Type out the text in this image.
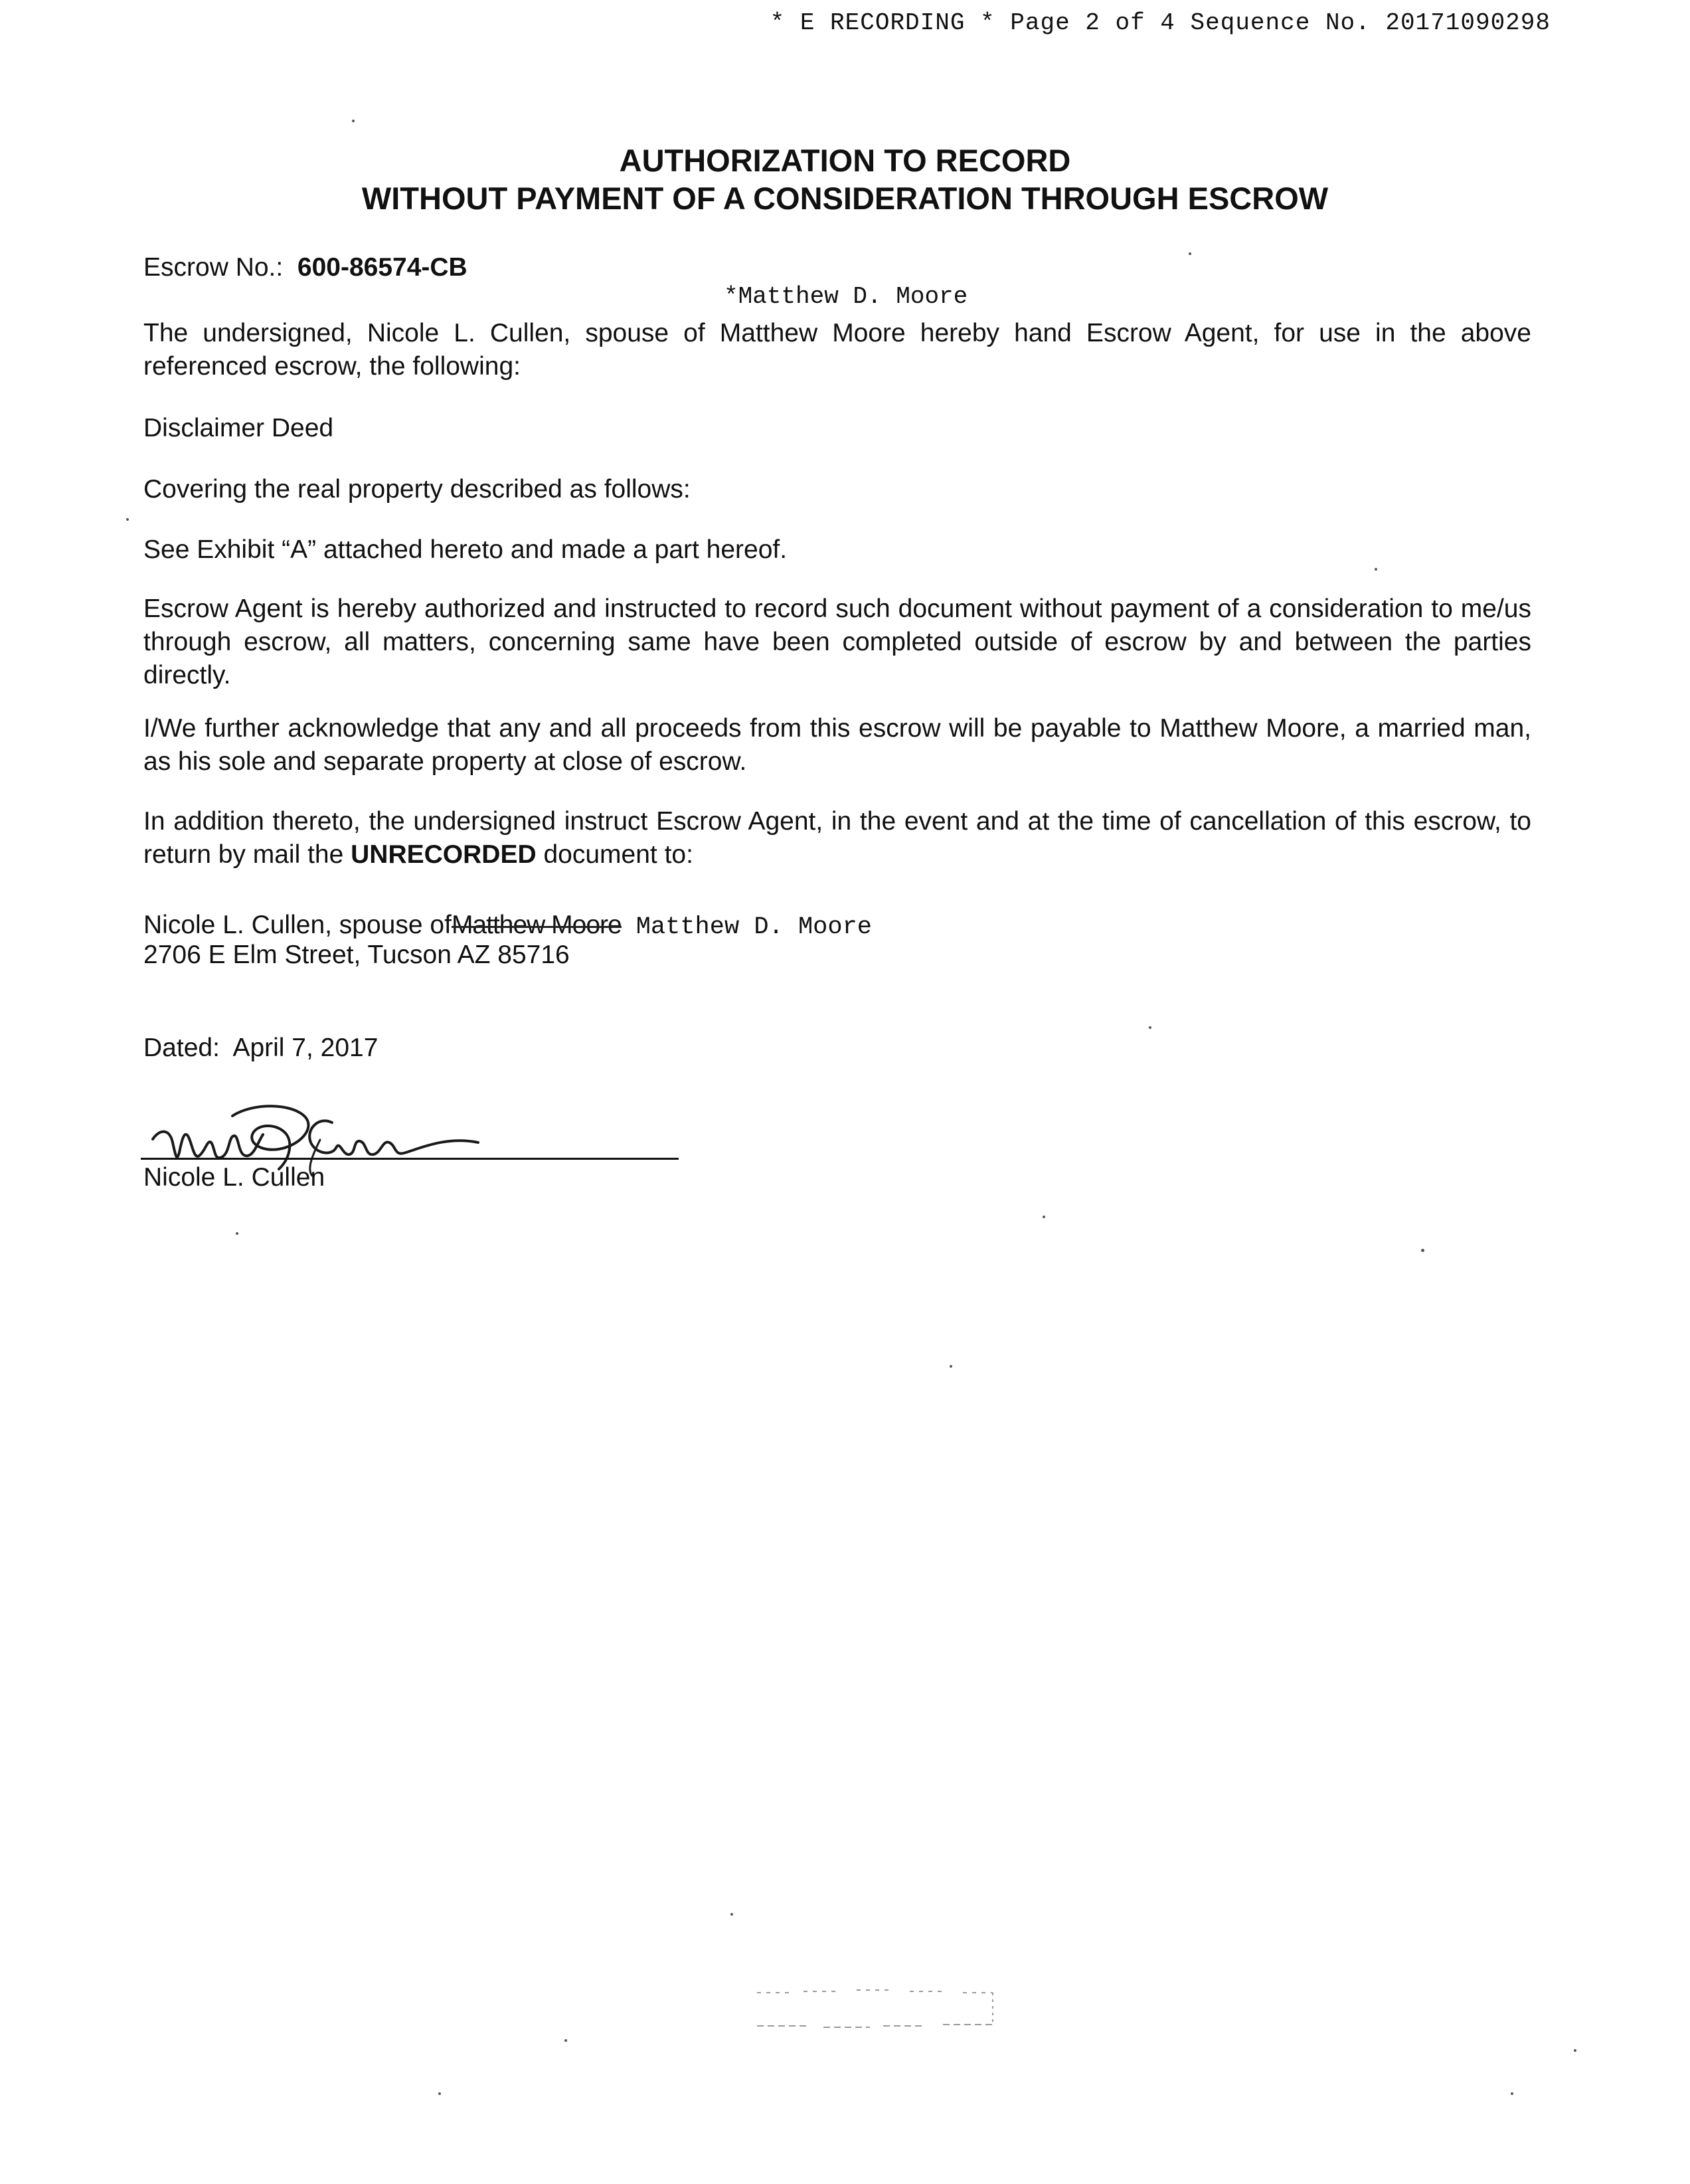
* E RECORDING * Page 2 of 4 Sequence No. 20171090298
AUTHORIZATION TO RECORD
WITHOUT PAYMENT OF A CONSIDERATION THROUGH ESCROW
Escrow No.: 600-86574-CB
*Matthew D. Moore
The undersigned, Nicole L. Cullen, spouse of Matthew Moore hereby hand Escrow Agent, for use in the above referenced escrow, the following:
Disclaimer Deed
Covering the real property described as follows:
See Exhibit “A” attached hereto and made a part hereof.
Escrow Agent is hereby authorized and instructed to record such document without payment of a consideration to me/us through escrow, all matters, concerning same have been completed outside of escrow by and between the parties directly.
I/We further acknowledge that any and all proceeds from this escrow will be payable to Matthew Moore, a married man, as his sole and separate property at close of escrow.
In addition thereto, the undersigned instruct Escrow Agent, in the event and at the time of cancellation of this escrow, to return by mail the UNRECORDED document to:
Nicole L. Cullen, spouse ofMatthew Moore Matthew D. Moore
2706 E Elm Street, Tucson AZ 85716
Dated: April 7, 2017
Nicole L. Cullen
